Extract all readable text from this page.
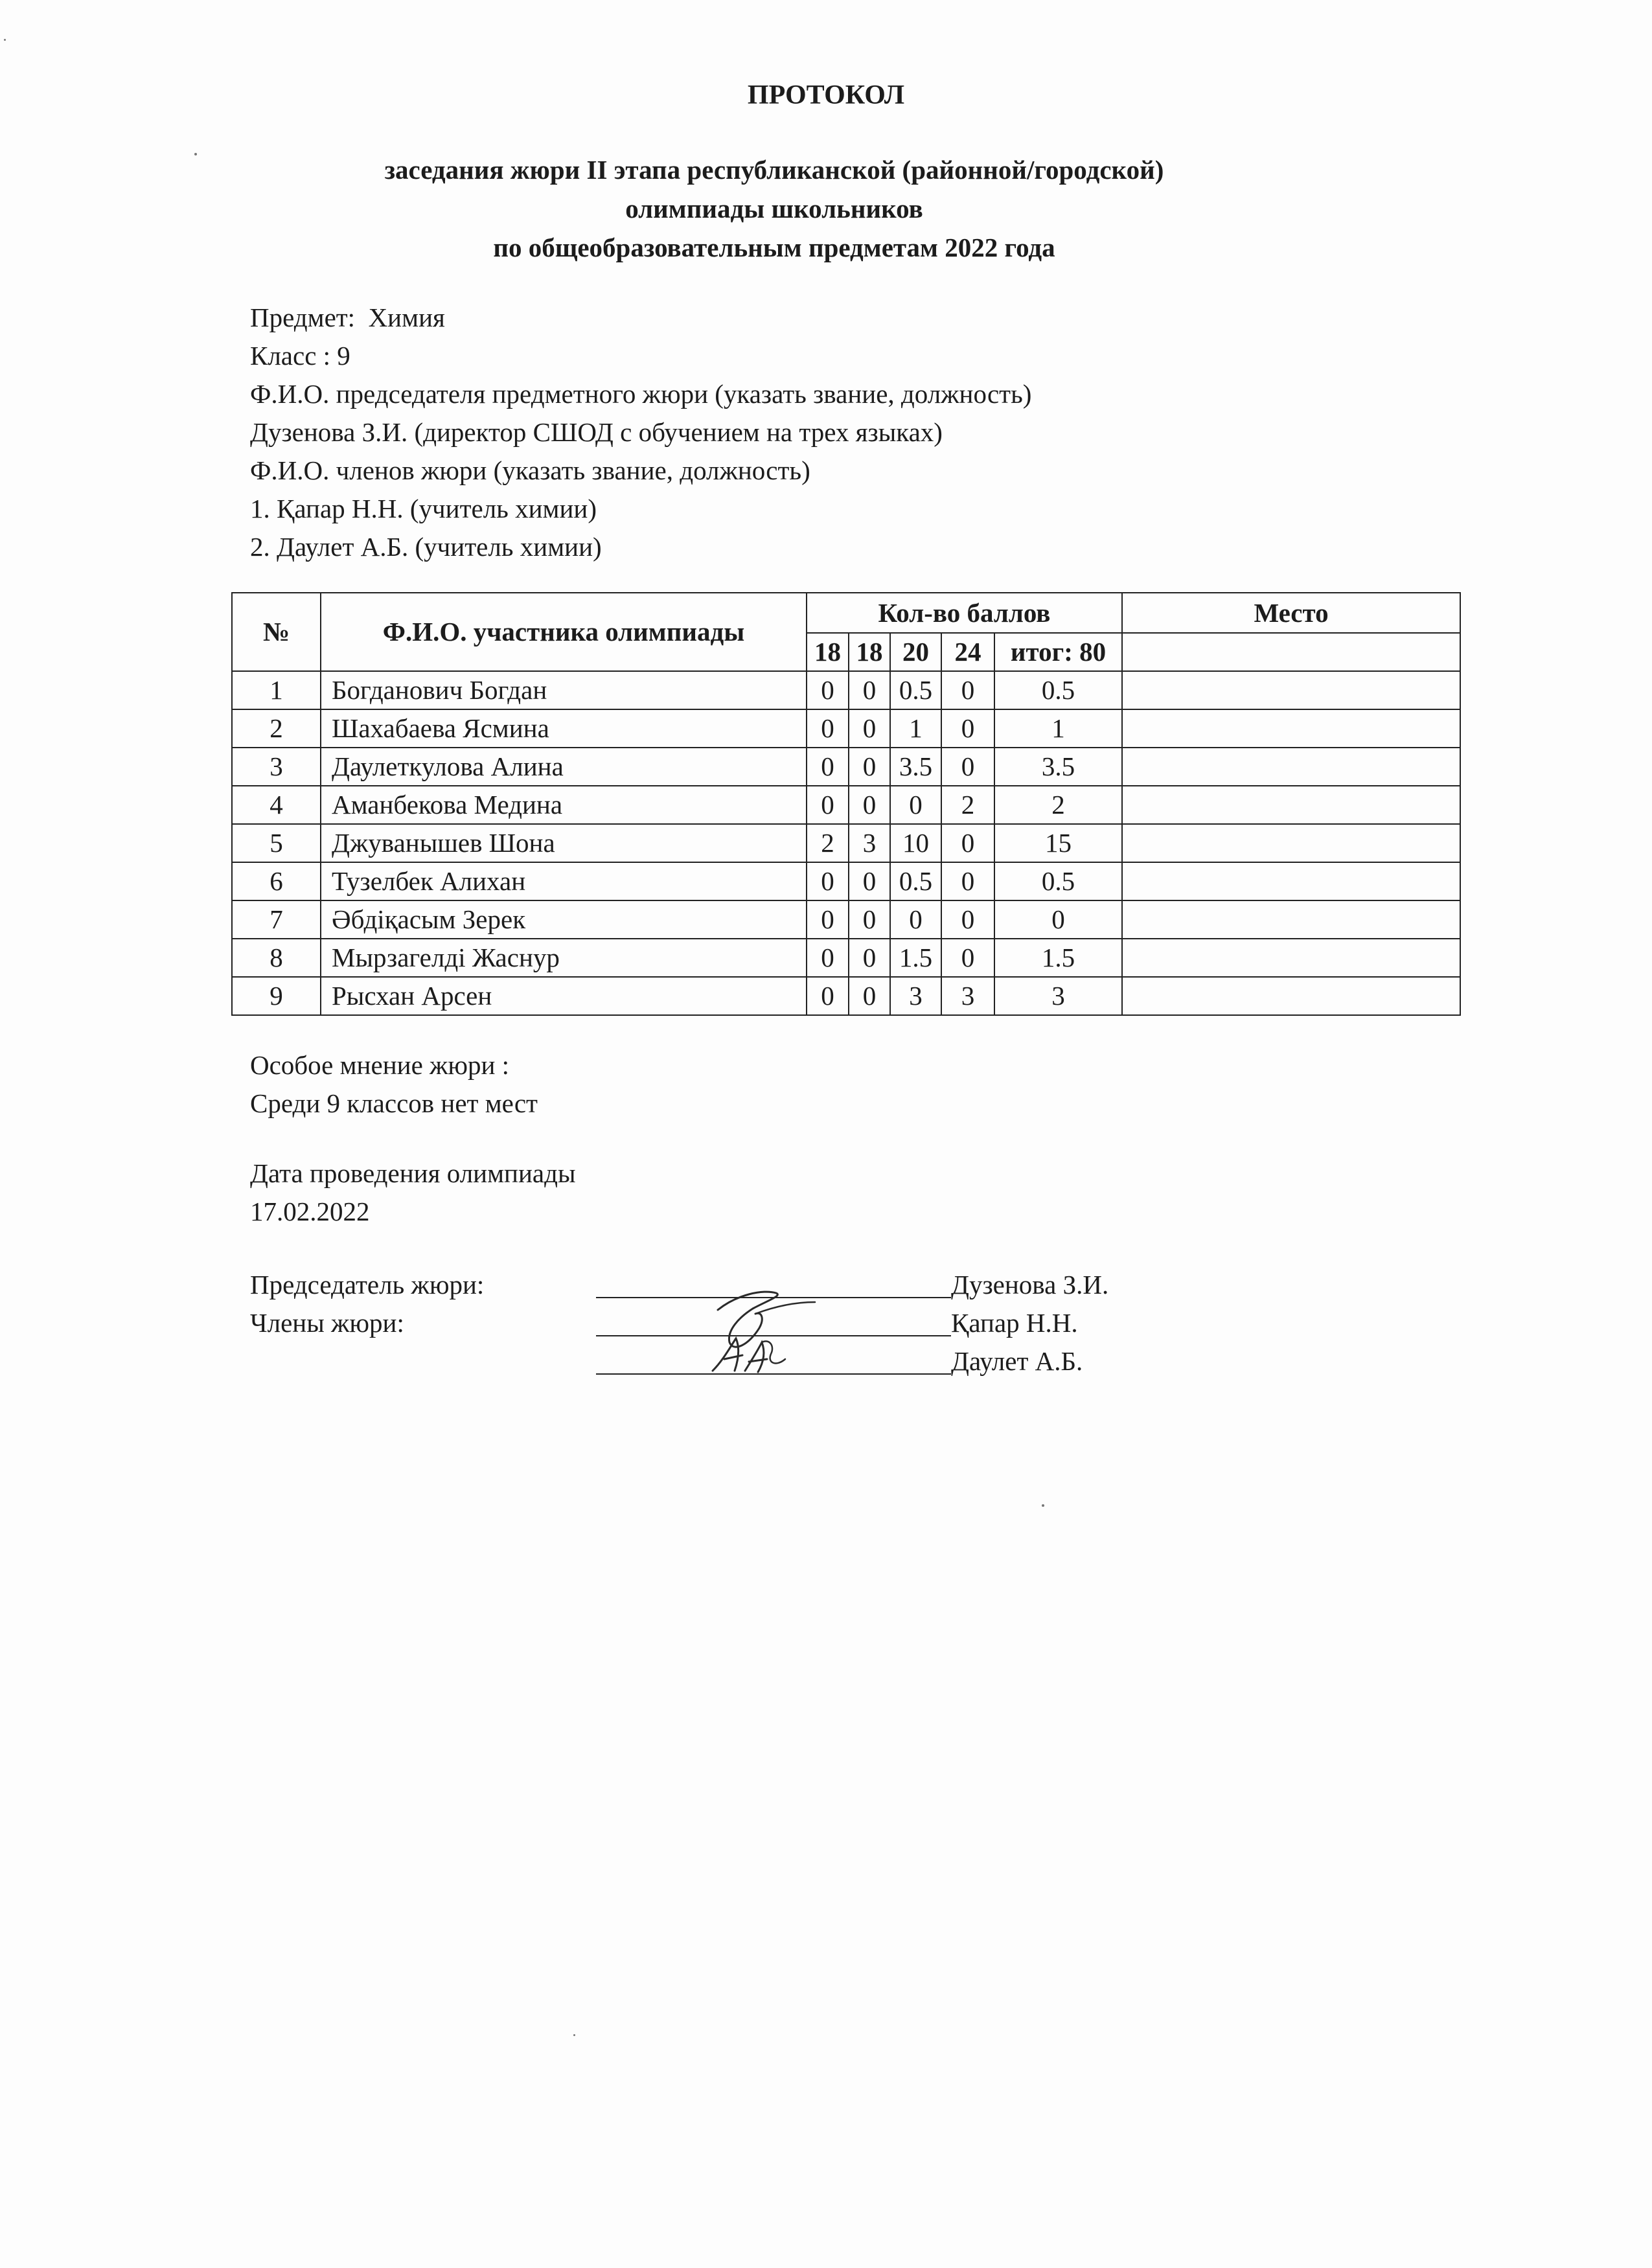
ПРОТОКОЛ
заседания жюри II этапа республиканской (районной/городской)
олимпиады школьников
по общеобразовательным предметам 2022 года
Предмет:  Химия
Класс : 9
Ф.И.О. председателя предметного жюри (указать звание, должность)
Дузенова З.И. (директор СШОД с обучением на трех языках)
Ф.И.О. членов жюри (указать звание, должность)
1. Қапар Н.Н. (учитель химии)
2. Даулет А.Б. (учитель химии)
№	Ф.И.О. участника олимпиады	Кол-во баллов					Место
		18	18	20	24	итог: 80	
1	Богданович Богдан	0	0	0.5	0	0.5	
2	Шахабаева Ясмина	0	0	1	0	1	
3	Даулеткулова Алина	0	0	3.5	0	3.5	
4	Аманбекова Медина	0	0	0	2	2	
5	Джуванышев Шона	2	3	10	0	15	
6	Тузелбек Алихан	0	0	0.5	0	0.5	
7	Әбдіқасым Зерек	0	0	0	0	0	
8	Мырзагелді Жаснур	0	0	1.5	0	1.5	
9	Рысхан Арсен	0	0	3	3	3	
Особое мнение жюри :
Среди 9 классов нет мест
Дата проведения олимпиады
17.02.2022
Председатель жюри:
Члены жюри:
Дузенова З.И.
Қапар Н.Н.
Даулет А.Б.
